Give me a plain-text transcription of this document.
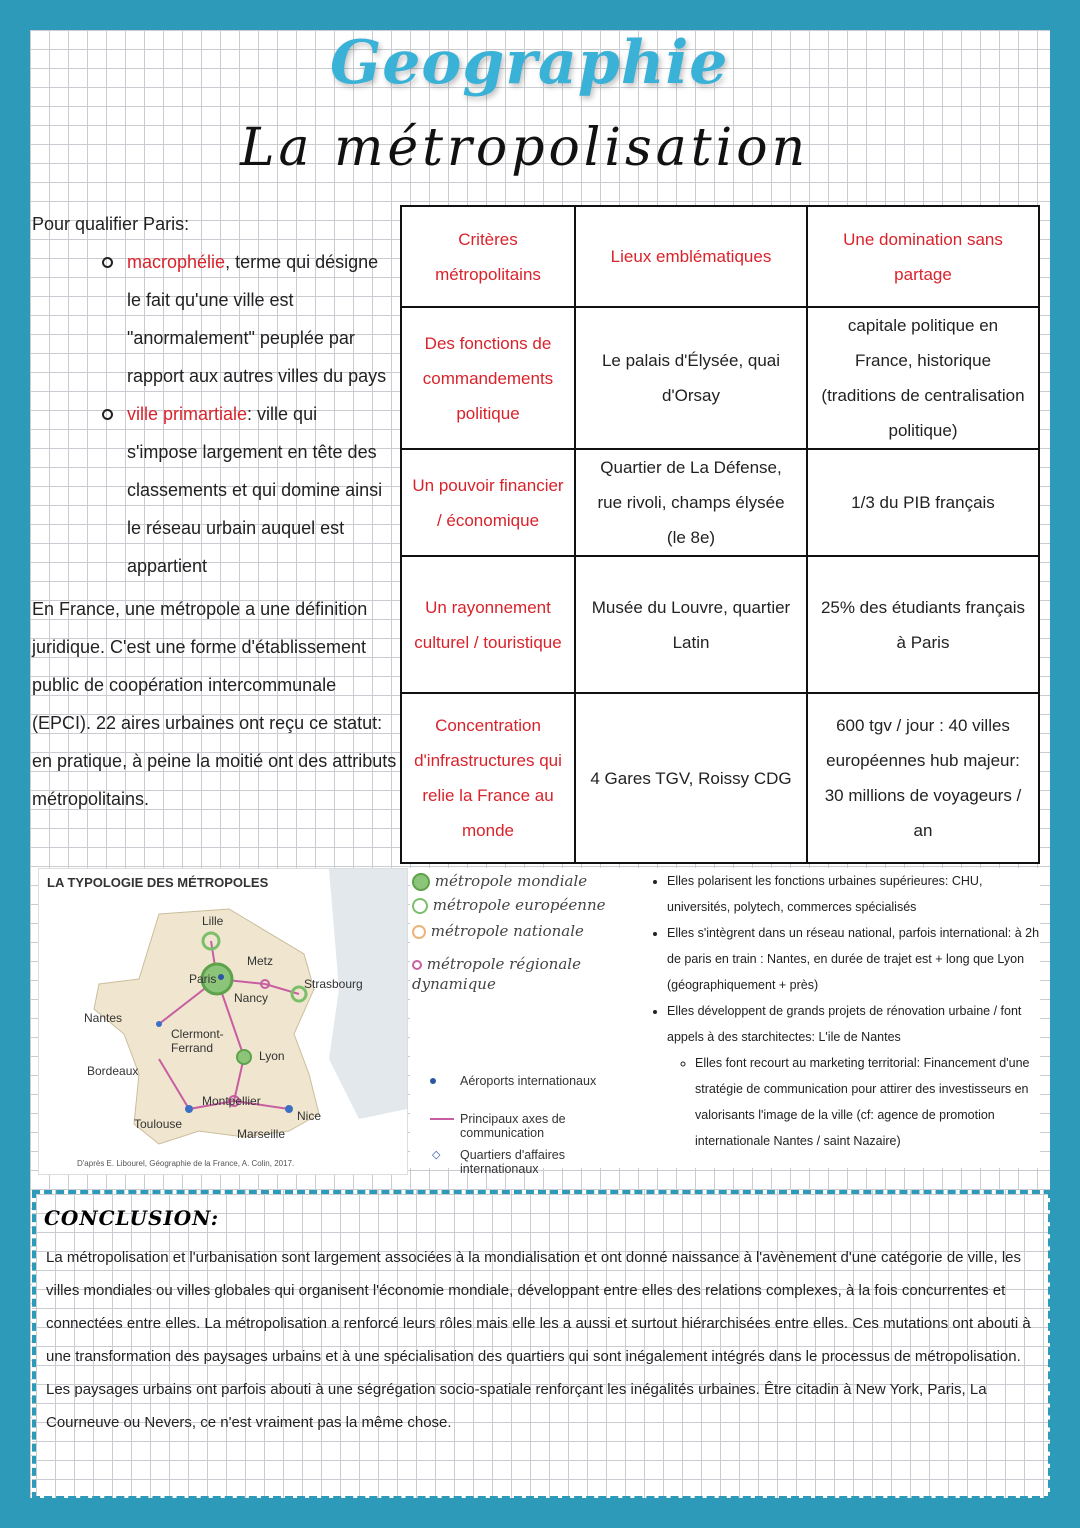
Geographie
La métropolisation
Pour qualifier Paris:
macrophélie, terme qui désigne le fait qu'une ville est "anormalement" peuplée par rapport aux autres villes du pays
ville primartiale: ville qui s'impose largement en tête des classements et qui domine ainsi le réseau urbain auquel est appartient
En France, une métropole a une définition juridique. C'est une forme d'établissement public de coopération intercommunale (EPCI). 22 aires urbaines ont reçu ce statut: en pratique, à peine la moitié ont des attributs métropolitains.
Critères métropolitains	Lieux emblématiques	Une domination sans partage
Des fonctions de commandements politique	Le palais d'Élysée, quai d'Orsay	capitale politique en France, historique (traditions de centralisation politique)
Un pouvoir financier / économique	Quartier de La Défense, rue rivoli, champs élysée (le 8e)	1/3 du PIB français
Un rayonnement culturel / touristique	Musée du Louvre, quartier Latin	25% des étudiants français à Paris
Concentration d'infrastructures qui relie la France au monde	4 Gares TGV, Roissy CDG	600 tgv / jour : 40 villes européennes hub majeur: 30 millions de voyageurs / an
LA TYPOLOGIE DES MÉTROPOLES
Lille
Paris
Metz
Nancy
Strasbourg
Nantes
Clermont-Ferrand
Lyon
Bordeaux
Montpellier
Nice
Toulouse
Marseille
D'après E. Libourel, Géographie de la France, A. Colin, 2017.
métropole mondiale
métropole européenne
métropole nationale
métropole régionale dynamique
Aéroports internationaux
Principaux axes de communication
◇ Quartiers d'affaires internationaux
• Elles polarisent les fonctions urbaines supérieures: CHU, universités, polytech, commerces spécialisés
• Elles s'intègrent dans un réseau national, parfois international: à 2h de paris en train : Nantes, en durée de trajet est + long que Lyon (géographiquement + près)
• Elles développent de grands projets de rénovation urbaine / font appels à des starchitectes: L'ile de Nantes
◦ Elles font recourt au marketing territorial: Financement d'une stratégie de communication pour attirer des investisseurs en valorisants l'image de la ville (cf: agence de promotion internationale Nantes / saint Nazaire)
CONCLUSION:
La métropolisation et l'urbanisation sont largement associées à la mondialisation et ont donné naissance à l'avènement d'une catégorie de ville, les villes mondiales ou villes globales qui organisent l'économie mondiale, développant entre elles des relations complexes, à la fois concurrentes et connectées entre elles. La métropolisation a renforcé leurs rôles mais elle les a aussi et surtout hiérarchisées entre elles. Ces mutations ont abouti à une transformation des paysages urbains et à une spécialisation des quartiers qui sont inégalement intégrés dans le processus de métropolisation. Les paysages urbains ont parfois abouti à une ségrégation socio-spatiale renforçant les inégalités urbaines. Être citadin à New York, Paris, La Courneuve ou Nevers, ce n'est vraiment pas la même chose.
